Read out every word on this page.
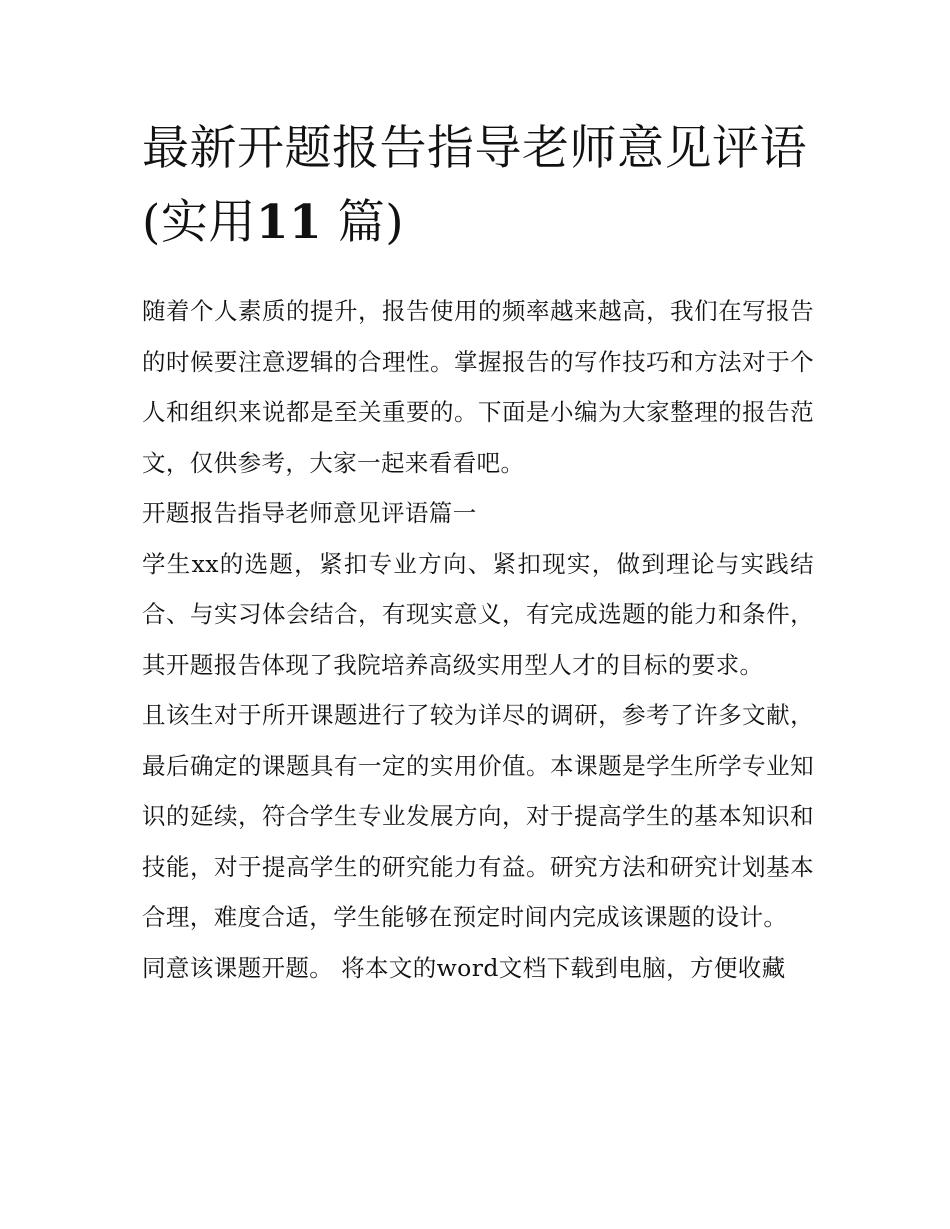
最新开题报告指导老师意见评语(实用11 篇)

随着个人素质的提升，报告使用的频率越来越高，我们在写报告的时候要注意逻辑的合理性。掌握报告的写作技巧和方法对于个人和组织来说都是至关重要的。下面是小编为大家整理的报告范文，仅供参考，大家一起来看看吧。

开题报告指导老师意见评语篇一

学生xx的选题，紧扣专业方向、紧扣现实，做到理论与实践结合、与实习体会结合，有现实意义，有完成选题的能力和条件，其开题报告体现了我院培养高级实用型人才的目标的要求。

且该生对于所开课题进行了较为详尽的调研，参考了许多文献，最后确定的课题具有一定的实用价值。本课题是学生所学专业知识的延续，符合学生专业发展方向，对于提高学生的基本知识和技能，对于提高学生的研究能力有益。研究方法和研究计划基本合理，难度合适，学生能够在预定时间内完成该课题的设计。

同意该课题开题。 将本文的word文档下载到电脑，方便收藏
